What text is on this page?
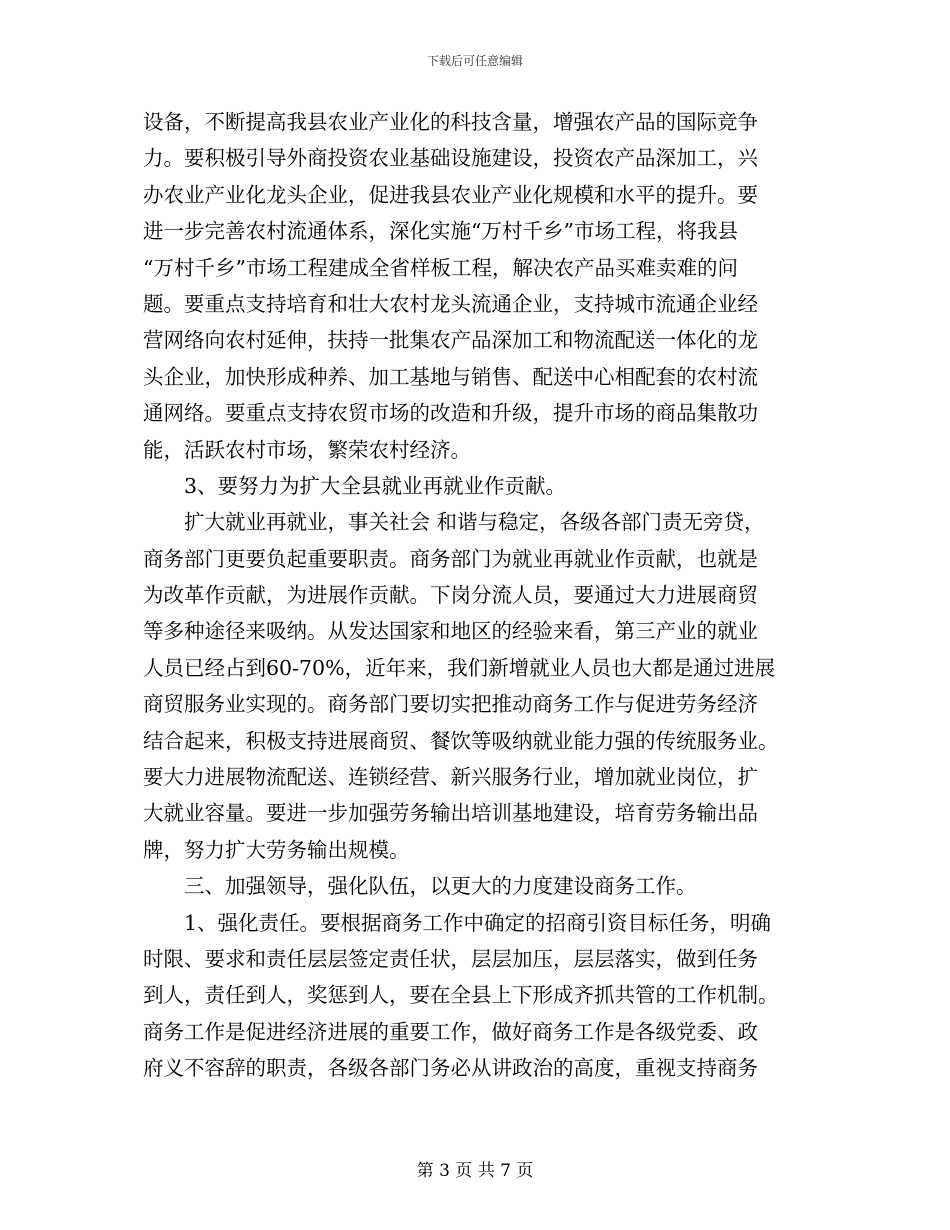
下载后可任意编辑
设备，不断提高我县农业产业化的科技含量，增强农产品的国际竞争
力。要积极引导外商投资农业基础设施建设，投资农产品深加工，兴
办农业产业化龙头企业，促进我县农业产业化规模和水平的提升。要
进一步完善农村流通体系，深化实施“万村千乡”市场工程，将我县
“万村千乡”市场工程建成全省样板工程，解决农产品买难卖难的问
题。要重点支持培育和壮大农村龙头流通企业，支持城市流通企业经
营网络向农村延伸，扶持一批集农产品深加工和物流配送一体化的龙
头企业，加快形成种养、加工基地与销售、配送中心相配套的农村流
通网络。要重点支持农贸市场的改造和升级，提升市场的商品集散功
能，活跃农村市场，繁荣农村经济。
3、要努力为扩大全县就业再就业作贡献。
扩大就业再就业，事关社会 和谐与稳定，各级各部门责无旁贷，
商务部门更要负起重要职责。商务部门为就业再就业作贡献，也就是
为改革作贡献，为进展作贡献。下岗分流人员，要通过大力进展商贸
等多种途径来吸纳。从发达国家和地区的经验来看，第三产业的就业
人员已经占到60-70%，近年来，我们新增就业人员也大都是通过进展
商贸服务业实现的。商务部门要切实把推动商务工作与促进劳务经济
结合起来，积极支持进展商贸、餐饮等吸纳就业能力强的传统服务业。
要大力进展物流配送、连锁经营、新兴服务行业，增加就业岗位，扩
大就业容量。要进一步加强劳务输出培训基地建设，培育劳务输出品
牌，努力扩大劳务输出规模。
三、加强领导，强化队伍，以更大的力度建设商务工作。
1、强化责任。要根据商务工作中确定的招商引资目标任务，明确
时限、要求和责任层层签定责任状，层层加压，层层落实，做到任务
到人，责任到人，奖惩到人，要在全县上下形成齐抓共管的工作机制。
商务工作是促进经济进展的重要工作，做好商务工作是各级党委、政
府义不容辞的职责，各级各部门务必从讲政治的高度，重视支持商务
第 3 页 共 7 页
